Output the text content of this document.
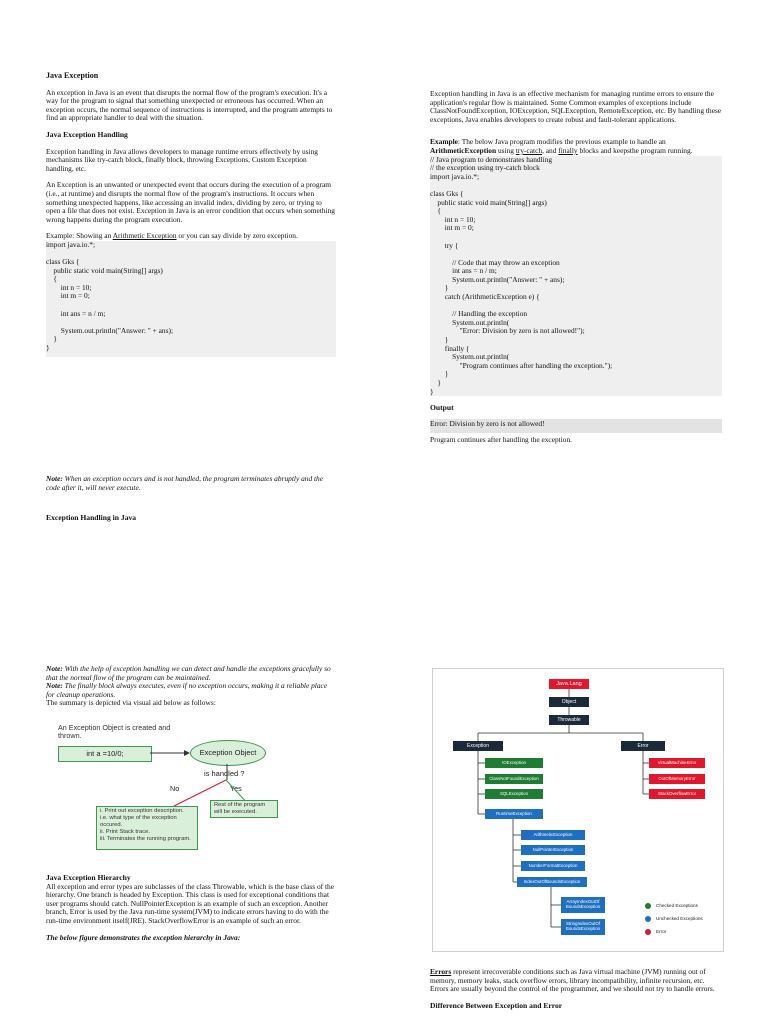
Java Exception

An exception in Java is an event that disrupts the normal flow of the program's execution. It's a way for the program to signal that something unexpected or erroneous has occurred. When an exception occurs, the normal sequence of instructions is interrupted, and the program attempts to find an appropriate handler to deal with the situation.

Java Exception Handling

Exception handling in Java allows developers to manage runtime errors effectively by using mechanisms like try-catch block, finally block, throwing Exceptions, Custom Exception handling, etc.

An Exception is an unwanted or unexpected event that occurs during the execution of a program (i.e., at runtime) and disrupts the normal flow of the program's instructions. It occurs when something unexpected happens, like accessing an invalid index, dividing by zero, or trying to open a file that does not exist. Exception in Java is an error condition that occurs when something wrong happens during the program execution.

Example: Showing an Arithmetic Exception or you can say divide by zero exception.

import java.io.*;

class Gks {
public static void main(String[] args)
{
int n = 10;
int m = 0;

int ans = n / m;

System.out.println("Answer: " + ans);
}
}

Note: When an exception occurs and is not handled, the program terminates abruptly and the code after it, will never execute.

Exception Handling in Java

Note: With the help of exception handling we can detect and handle the exceptions gracefully so that the normal flow of the program can be maintained.

Note: The finally block always executes, even if no exception occurs, making it a reliable place for cleanup operations.

The summary is depicted via visual aid below as follows:

An Exception Object is created and thrown.
int a =10/0;	Exception Object
is handled ?
No	Yes
i. Print out exception description.
i.e. what type of the exception occured.
ii. Print Stack trace.
iii. Terminates the running program.
Rest of the program
will be executed.

Java Exception Hierarchy

All exception and error types are subclasses of the class Throwable, which is the base class of the hierarchy. One branch is headed by Exception. This class is used for exceptional conditions that user programs should catch. NullPointerException is an example of such an exception. Another branch, Error is used by the Java run-time system(JVM) to indicate errors having to do with the run-time environment itself(JRE). StackOverflowError is an example of such an error.

The below figure demonstrates the exception hierarchy in Java:

Exception handling in Java is an effective mechanism for managing runtime errors to ensure the application's regular flow is maintained. Some Common examples of exceptions include ClassNotFoundException, IOException, SQLException, RemoteException, etc. By handling these exceptions, Java enables developers to create robust and fault-tolerant applications.

Example: The below Java program modifies the previous example to handle an ArithmeticException using try-catch, and finally blocks and keepsthe program running.

// Java program to demonstrates handling
// the exception using try-catch block
import java.io.*;

class Gks {
public static void main(String[] args)
{
int n = 10;
int m = 0;

try {

// Code that may throw an exception
int ans = n / m;
System.out.println("Answer: " + ans);
}
catch (ArithmeticException e) {

// Handling the exception
System.out.println(
"Error: Division by zero is not allowed!");
}
finally {
System.out.println(
"Program continues after handling the exception.");
}
}
}

Output

Error: Division by zero is not allowed!
Program continues after handling the exception.
Java.Lang
Object
Throwable
Exception	Error
IOException
ClassNotFoundException
SQLException
RuntimeException
ArithmeticException
NullPointerException
NumberFormatException
IndexOutOfBoundsException
ArrayIndexOutOf BoundsException
StringIndexOutOf BoundsException
VirtualMachineError
OutOfMemoryError
StackOverflowError
Checked Exceptions
Unchecked Exceptions
Error

Errors represent irrecoverable conditions such as Java virtual machine (JVM) running out of memory, memory leaks, stack overflow errors, library incompatibility, infinite recursion, etc. Errors are usually beyond the control of the programmer, and we should not try to handle errors.

Difference Between Exception and Error
